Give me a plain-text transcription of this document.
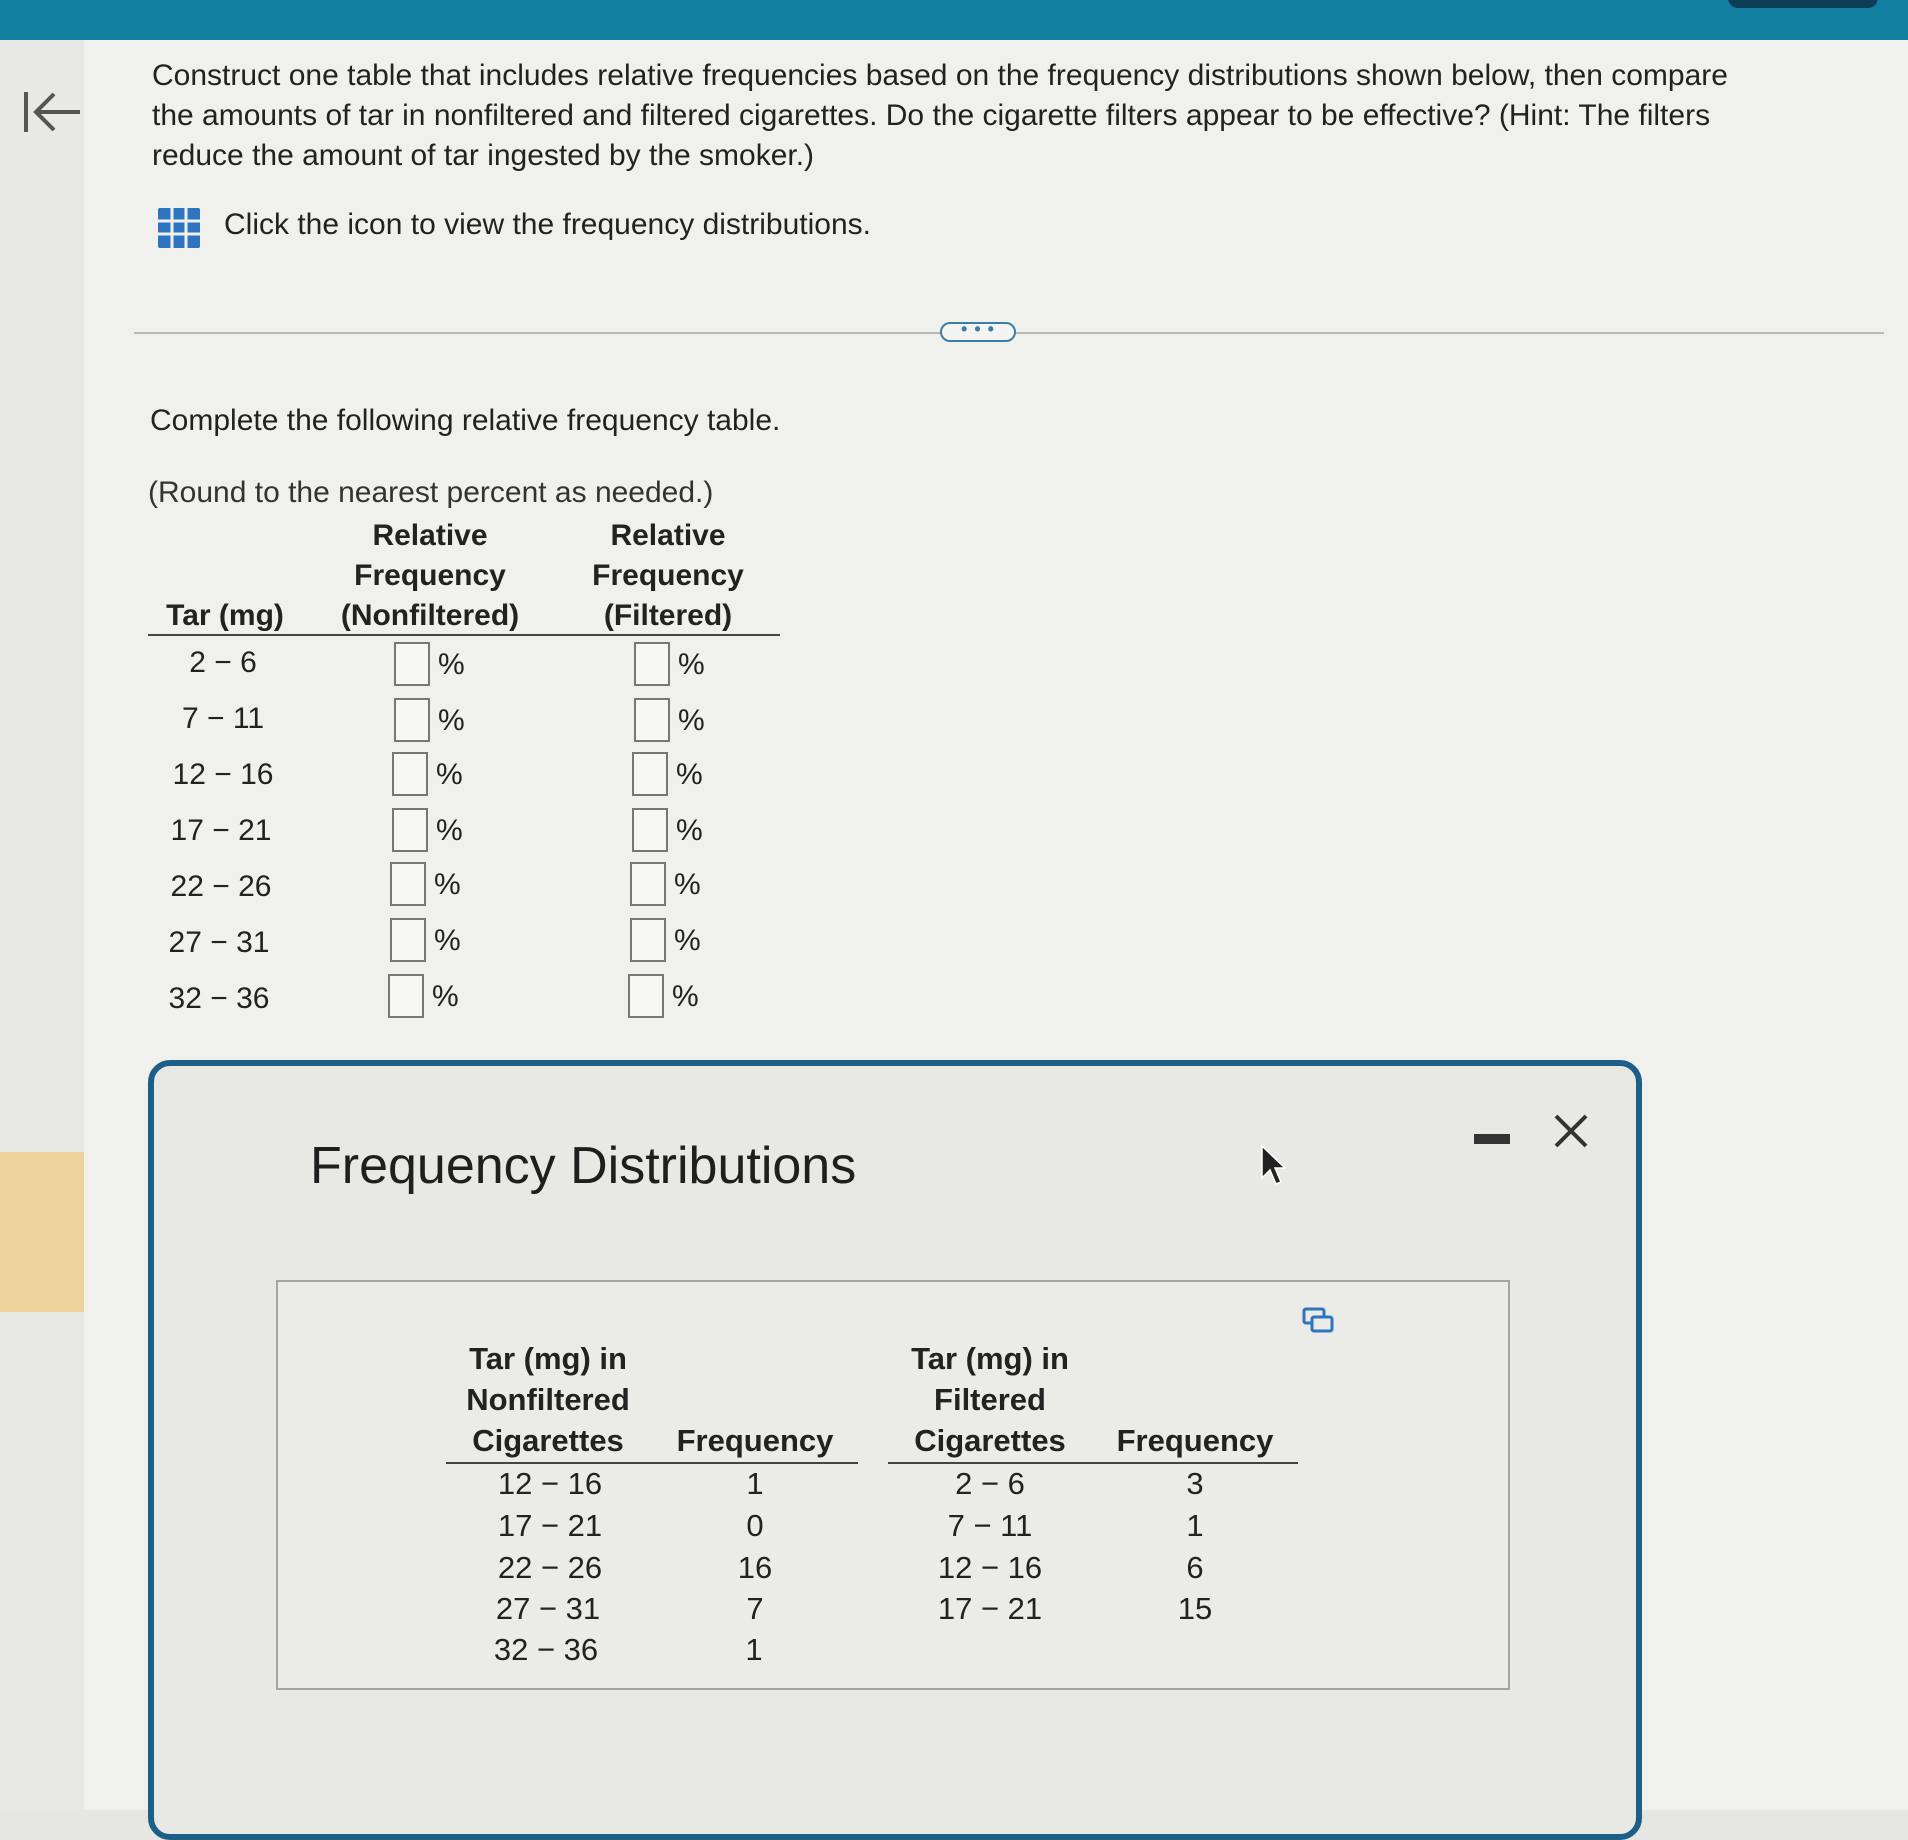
Construct one table that includes relative frequencies based on the frequency distributions shown below, then compare
the amounts of tar in nonfiltered and filtered cigarettes. Do the cigarette filters appear to be effective? (Hint: The filters
reduce the amount of tar ingested by the smoker.)
Click the icon to view the frequency distributions.
• • •
Complete the following relative frequency table.
(Round to the nearest percent as needed.)
Relative
Frequency
(Nonfiltered)
Relative
Frequency
(Filtered)
Tar (mg)
2 − 6	%	%
7 − 11	%	%
12 − 16	%	%
17 − 21	%	%
22 − 26	%	%
27 − 31	%	%
32 − 36	%	%
Frequency Distributions
Tar (mg) in
Nonfiltered
Cigarettes	Frequency
12 − 16	1
17 − 21	0
22 − 26	16
27 − 31	7
32 − 36	1
Tar (mg) in
Filtered
Cigarettes	Frequency
2 − 6	3
7 − 11	1
12 − 16	6
17 − 21	15
